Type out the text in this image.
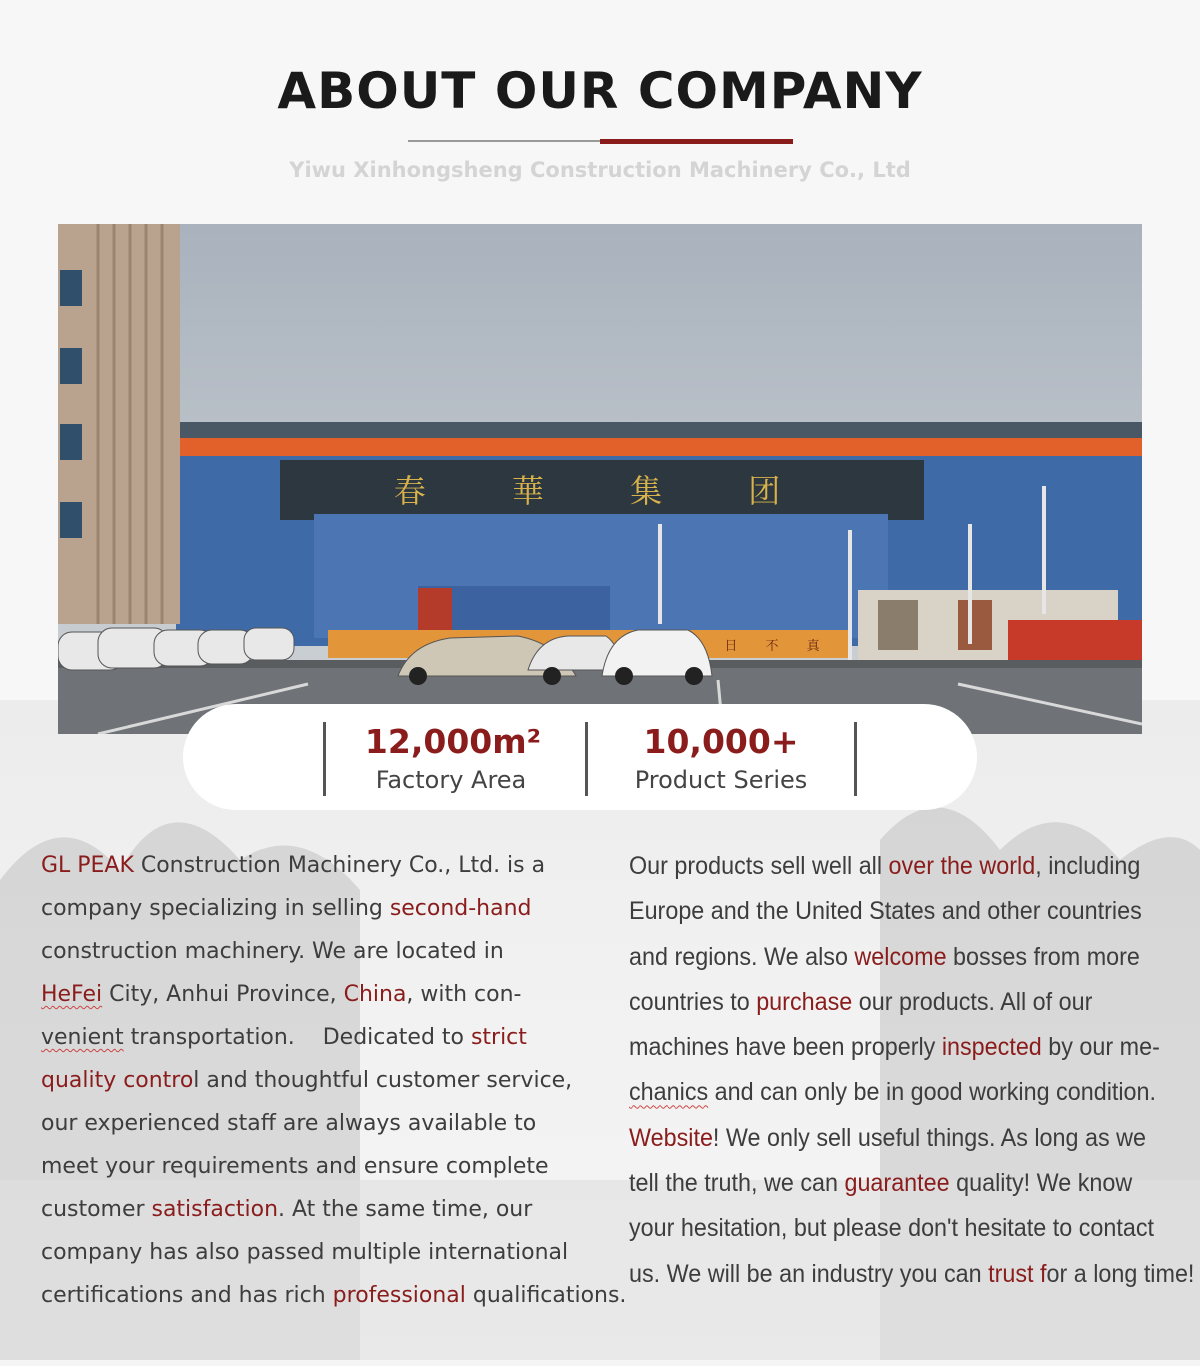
ABOUT OUR COMPANY
Yiwu Xinhongsheng Construction Machinery Co., Ltd
春 華 集 团
日 不 真
12,000m²
Factory Area
10,000+
Product Series
GL PEAK Construction Machinery Co., Ltd. is a
company specializing in selling second-hand
construction machinery. We are located in
HeFei City, Anhui Province, China, with con-
venient transportation.    Dedicated to strict
quality control and thoughtful customer service,
our experienced staff are always available to
meet your requirements and ensure complete
customer satisfaction. At the same time, our
company has also passed multiple international
certifications and has rich professional qualifications.
Our products sell well all over the world, including
Europe and the United States and other countries
and regions. We also welcome bosses from more
countries to purchase our products. All of our
machines have been properly inspected by our me-
chanics and can only be in good working condition.
Website! We only sell useful things. As long as we
tell the truth, we can guarantee quality! We know
your hesitation, but please don't hesitate to contact
us. We will be an industry you can trust for a long time!
